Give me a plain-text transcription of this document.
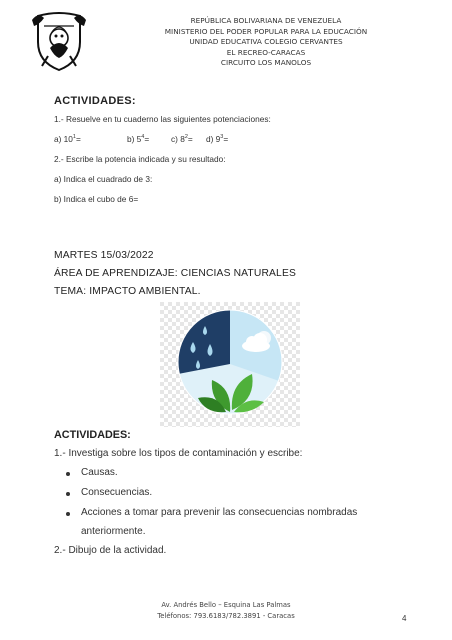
REPÚBLICA BOLIVARIANA DE VENEZUELA
MINISTERIO DEL PODER POPULAR PARA LA EDUCACIÓN
UNIDAD EDUCATIVA COLEGIO CERVANTES
EL RECREO-CARACAS
CIRCUITO LOS MANOLOS
ACTIVIDADES:
1.- Resuelve en tu cuaderno las siguientes potenciaciones:
a) $10^1=$	b) $5^4=$	c) $8^2= d$) $9^3=$
2.- Escribe la potencia indicada y su resultado:
a) Indica el cuadrado de 3:
b) Indica el cubo de 6=
MARTES 15/03/2022
ÁREA DE APRENDIZAJE: CIENCIAS NATURALES
TEMA: IMPACTO AMBIENTAL.
ACTIVIDADES:
1.- Investiga sobre los tipos de contaminación y escribe:
Causas.
Consecuencias.
Acciones a tomar para prevenir las consecuencias nombradas
anteriormente.
2.- Dibujo de la actividad.
Av. Andrés Bello – Esquina Las Palmas
Teléfonos: 793.6183/782.3891 - Caracas	4
